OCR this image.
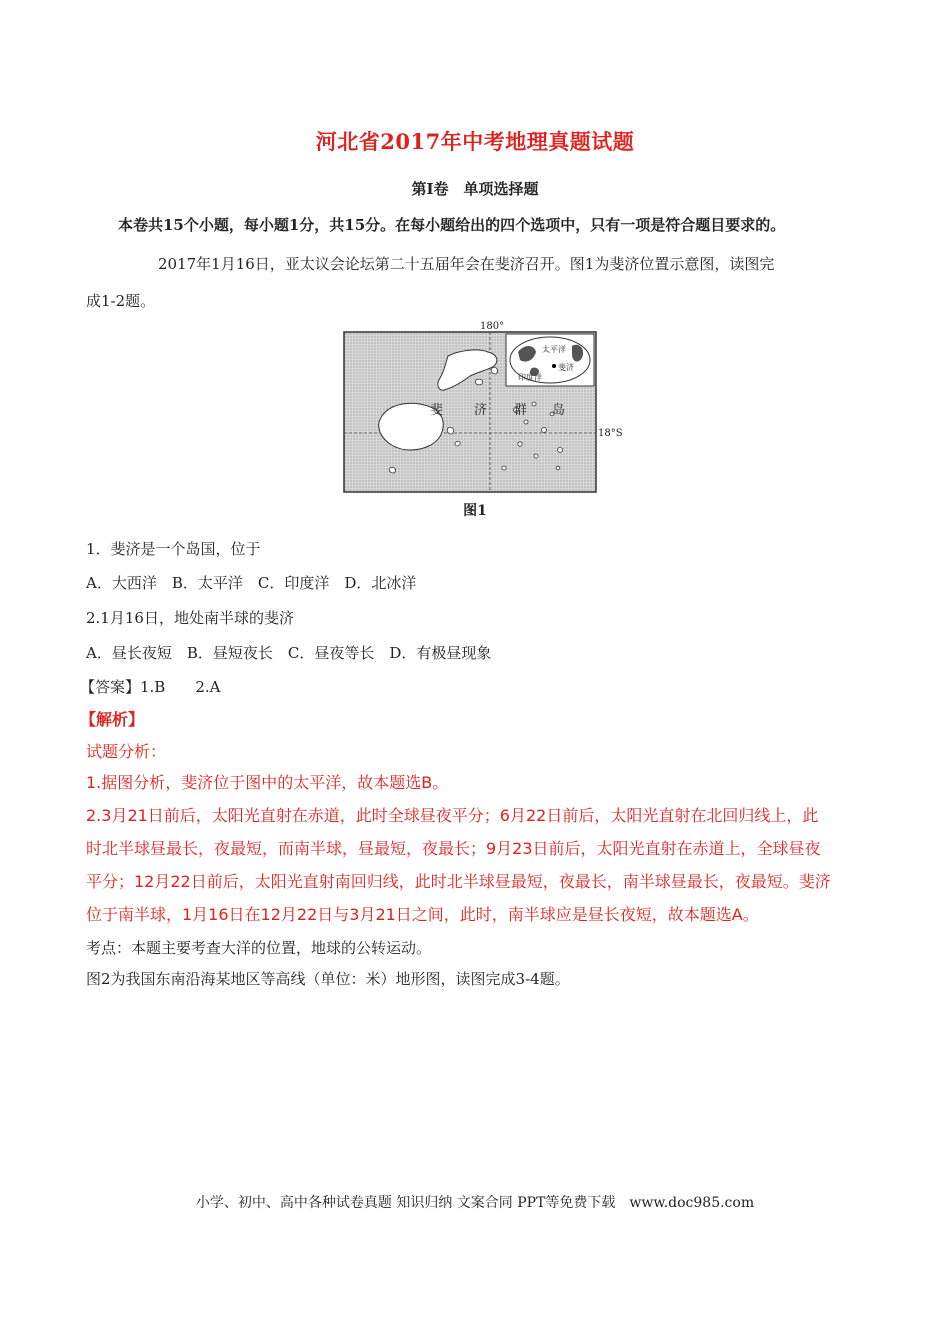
河北省2017年中考地理真题试题
第Ⅰ卷　单项选择题
本卷共15个小题，每小题1分，共15分。在每小题给出的四个选项中，只有一项是符合题目要求的。
2017年1月16日，亚太议会论坛第二十五届年会在斐济召开。图1为斐济位置示意图，读图完
成1-2题。
斐 济 群 岛
太平洋
印度洋
斐济
180°
18°S
图1
1．斐济是一个岛国，位于
A．大西洋　B．太平洋　C．印度洋　D．北冰洋
2.1月16日，地处南半球的斐济
A．昼长夜短　B．昼短夜长　C．昼夜等长　D．有极昼现象
【答案】1.B　　2.A
【解析】
试题分析：
1.据图分析，斐济位于图中的太平洋，故本题选B。
2.3月21日前后，太阳光直射在赤道，此时全球昼夜平分；6月22日前后，太阳光直射在北回归线上，此
时北半球昼最长，夜最短，而南半球，昼最短，夜最长；9月23日前后，太阳光直射在赤道上，全球昼夜
平分；12月22日前后，太阳光直射南回归线，此时北半球昼最短，夜最长，南半球昼最长，夜最短。斐济
位于南半球，1月16日在12月22日与3月21日之间，此时，南半球应是昼长夜短，故本题选A。
考点：本题主要考查大洋的位置，地球的公转运动。
图2为我国东南沿海某地区等高线（单位：米）地形图，读图完成3-4题。
小学、初中、高中各种试卷真题 知识归纳 文案合同 PPT等免费下载　www.doc985.com
